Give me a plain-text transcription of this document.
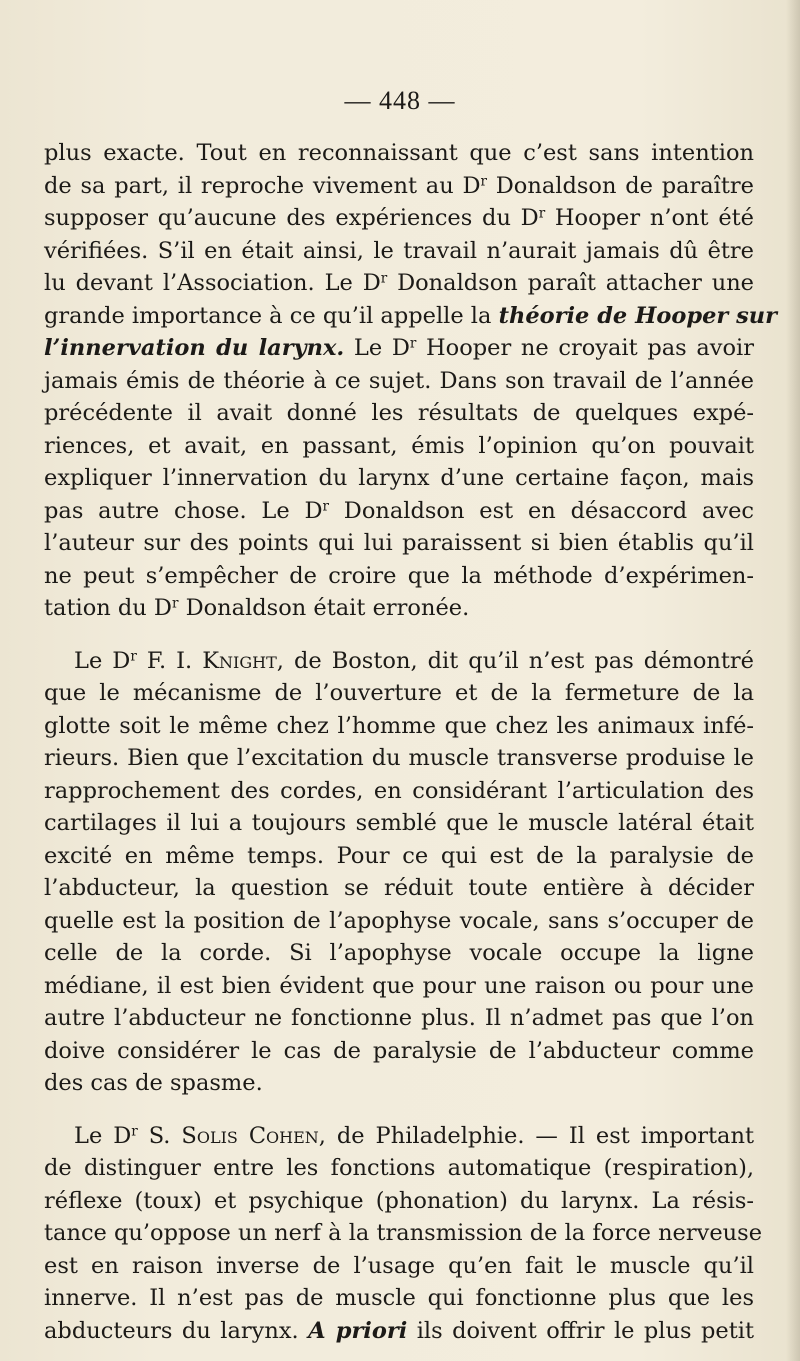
— 448 —
plus exacte. Tout en reconnaissant que c’est sans intention
de sa part, il reproche vivement au $D^r$ Donaldson de paraître
supposer qu’aucune des expériences du $D^r$ Hooper n’ont été
vérifiées. S’il en était ainsi, le travail n’aurait jamais dû être
lu devant l’Association. Le $D^r$ Donaldson paraît attacher une
grande importance à ce qu’il appelle la théorie de Hooper sur
l’innervation du larynx. Le $D^r$ Hooper ne croyait pas avoir
jamais émis de théorie à ce sujet. Dans son travail de l’année
précédente il avait donné les résultats de quelques expé-
riences, et avait, en passant, émis l’opinion qu’on pouvait
expliquer l’innervation du larynx d’une certaine façon, mais
pas autre chose. Le $D^r$ Donaldson est en désaccord avec
l’auteur sur des points qui lui paraissent si bien établis qu’il
ne peut s’empêcher de croire que la méthode d’expérimen-
tation du $D^r$ Donaldson était erronée.
Le $D^r$ F. I. Knight, de Boston, dit qu’il n’est pas démontré
que le mécanisme de l’ouverture et de la fermeture de la
glotte soit le même chez l’homme que chez les animaux infé-
rieurs. Bien que l’excitation du muscle transverse produise le
rapprochement des cordes, en considérant l’articulation des
cartilages il lui a toujours semblé que le muscle latéral était
excité en même temps. Pour ce qui est de la paralysie de
l’abducteur, la question se réduit toute entière à décider
quelle est la position de l’apophyse vocale, sans s’occuper de
celle de la corde. Si l’apophyse vocale occupe la ligne
médiane, il est bien évident que pour une raison ou pour une
autre l’abducteur ne fonctionne plus. Il n’admet pas que l’on
doive considérer le cas de paralysie de l’abducteur comme
des cas de spasme.
Le $D^r$ S. Solis Cohen, de Philadelphie. — Il est important
de distinguer entre les fonctions automatique (respiration),
réflexe (toux) et psychique (phonation) du larynx. La résis-
tance qu’oppose un nerf à la transmission de la force nerveuse
est en raison inverse de l’usage qu’en fait le muscle qu’il
innerve. Il n’est pas de muscle qui fonctionne plus que les
abducteurs du larynx. A priori ils doivent offrir le plus petit
